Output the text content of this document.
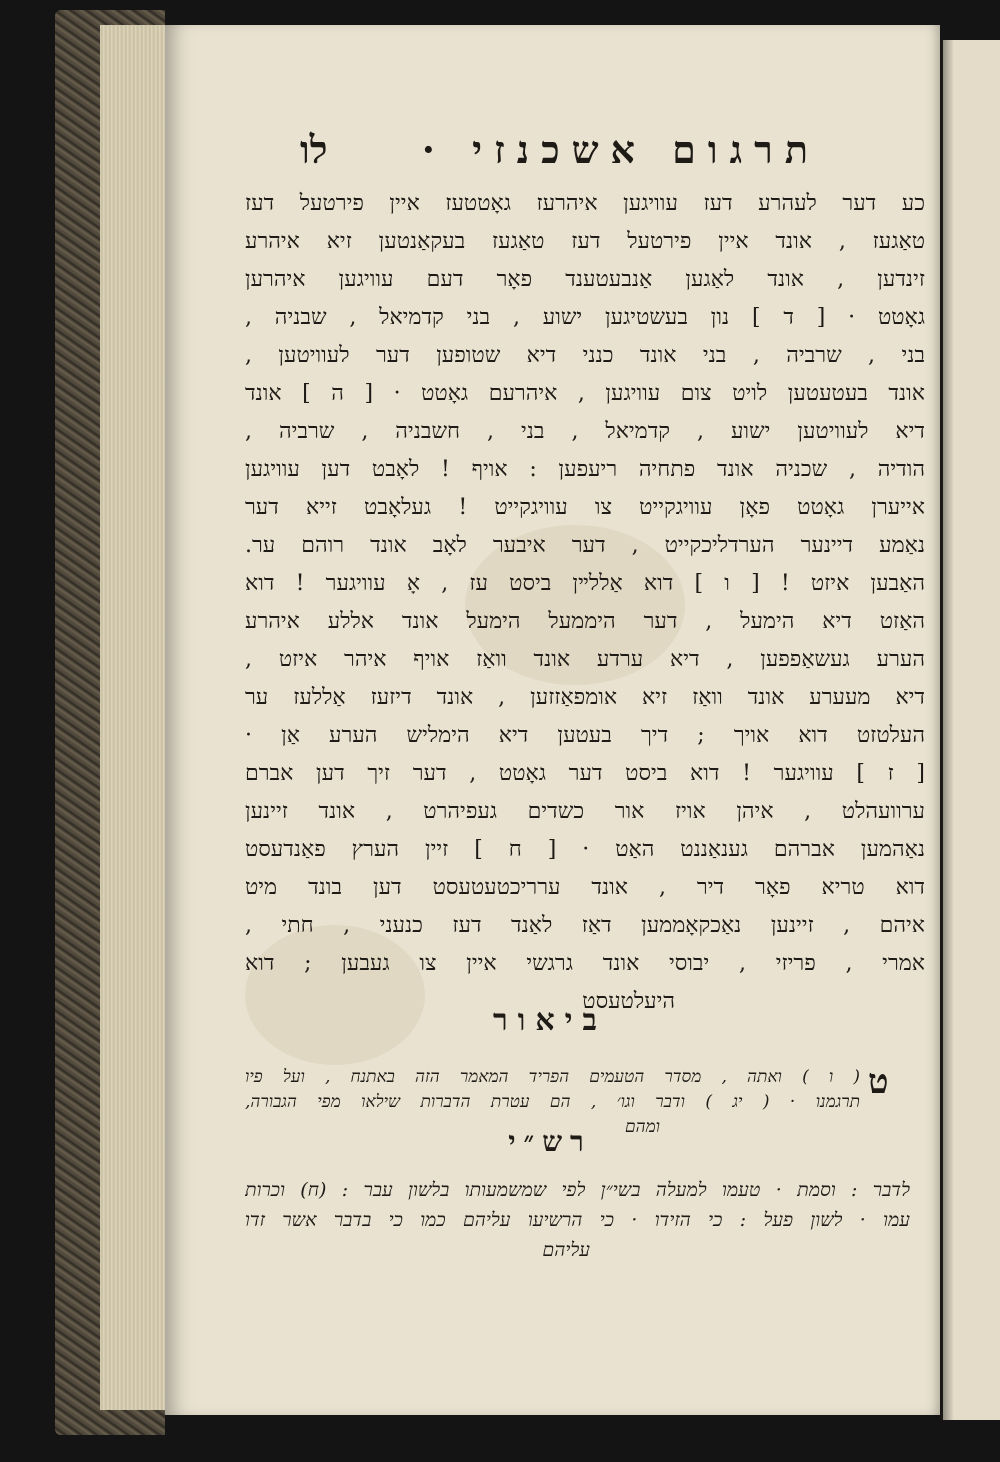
תרגום אשכנזי ·
לו
כע דער לעהרע דעז עוויגען איהרעז גאָטטעז איין פירטעל דעז
טאַגעז , אונד איין פירטעל דעז טאַגעז בעקאַנטען זיא איהרע
זינדען , אונד לאַגען אַנבעטענד פאָר דעם עוויגען איהרען
גאָטט · [ ד ] נון בעשטיגען ישוע , בני קדמיאל , שבניה ,
בני , שרביה , בני אונד כנני דיא שטופען דער לעוויטען ,
אונד בעטעטען לויט צום עוויגען , איהרעם גאָטט · [ ה ] אונד
דיא לעוויטען ישוע , קדמיאל , בני , חשבניה , שרביה ,
הודיה , שכניה אונד פתחיה ריעפען : אויף ! לאָבט דען עוויגען
אייערן גאָטט פאָן עוויגקייט צו עוויגקייט ! געלאָבט זייא דער
נאַמע דיינער הערדליכקייט , דער איבער לאָב אונד רוהם ער.
האַבען איזט ! [ ו ] דוא אַללײן ביסט עז , אָ עוויגער ! דוא
האַזט דיא הימעל , דער היממעל הימעל אונד אללע איהרע
הערע געשאַפפען , דיא ערדע אונד וואַז אויף איהר איזט ,
דיא מעערע אונד וואַז זיא אומפאַזזען , אונד דיזעז אַללעז ער
העלטזט דוא אויך ; דיך בעטען דיא הימליש הערע אַן ·
[ ז ] עוויגער ! דוא ביסט דער גאָטט , דער זיך דען אברם
ערוועהלט , איהן אויז אור כשדים געפיהרט , אונד זיינען
נאַהמען אברהם גענאַננט האַט · [ ח ] זיין הערץ פאַנדעסט
דוא טריא פאָר דיר , אונד ערריכטעטעסט דען בונד מיט
איהם , זיינען נאַכקאָממען דאַז לאַנד דעז כנעני , חתי ,
אמרי , פריזי , יבוסי אונד גרגשי איין צו געבען ; דוא
היעלטעסט
ביאור
ט
( ו ) ואתה , מסדר הטעמים הפריד המאמר הזה באתנח , ועל פיו
תרגמנו · ( יג ) ודבר וגו׳ , הם עטרת הדברות שילאו מפי הגבורה,
ומהם
רש״י
לדבר : וסמת · טעמו למעלה בשי״ן לפי שמשמעותו בלשון עבר : (ח) וכרות
עמו · לשון פעל : כי הזידו · כי הרשיעו עליהם כמו כי בדבר אשר זדו
עליהם
